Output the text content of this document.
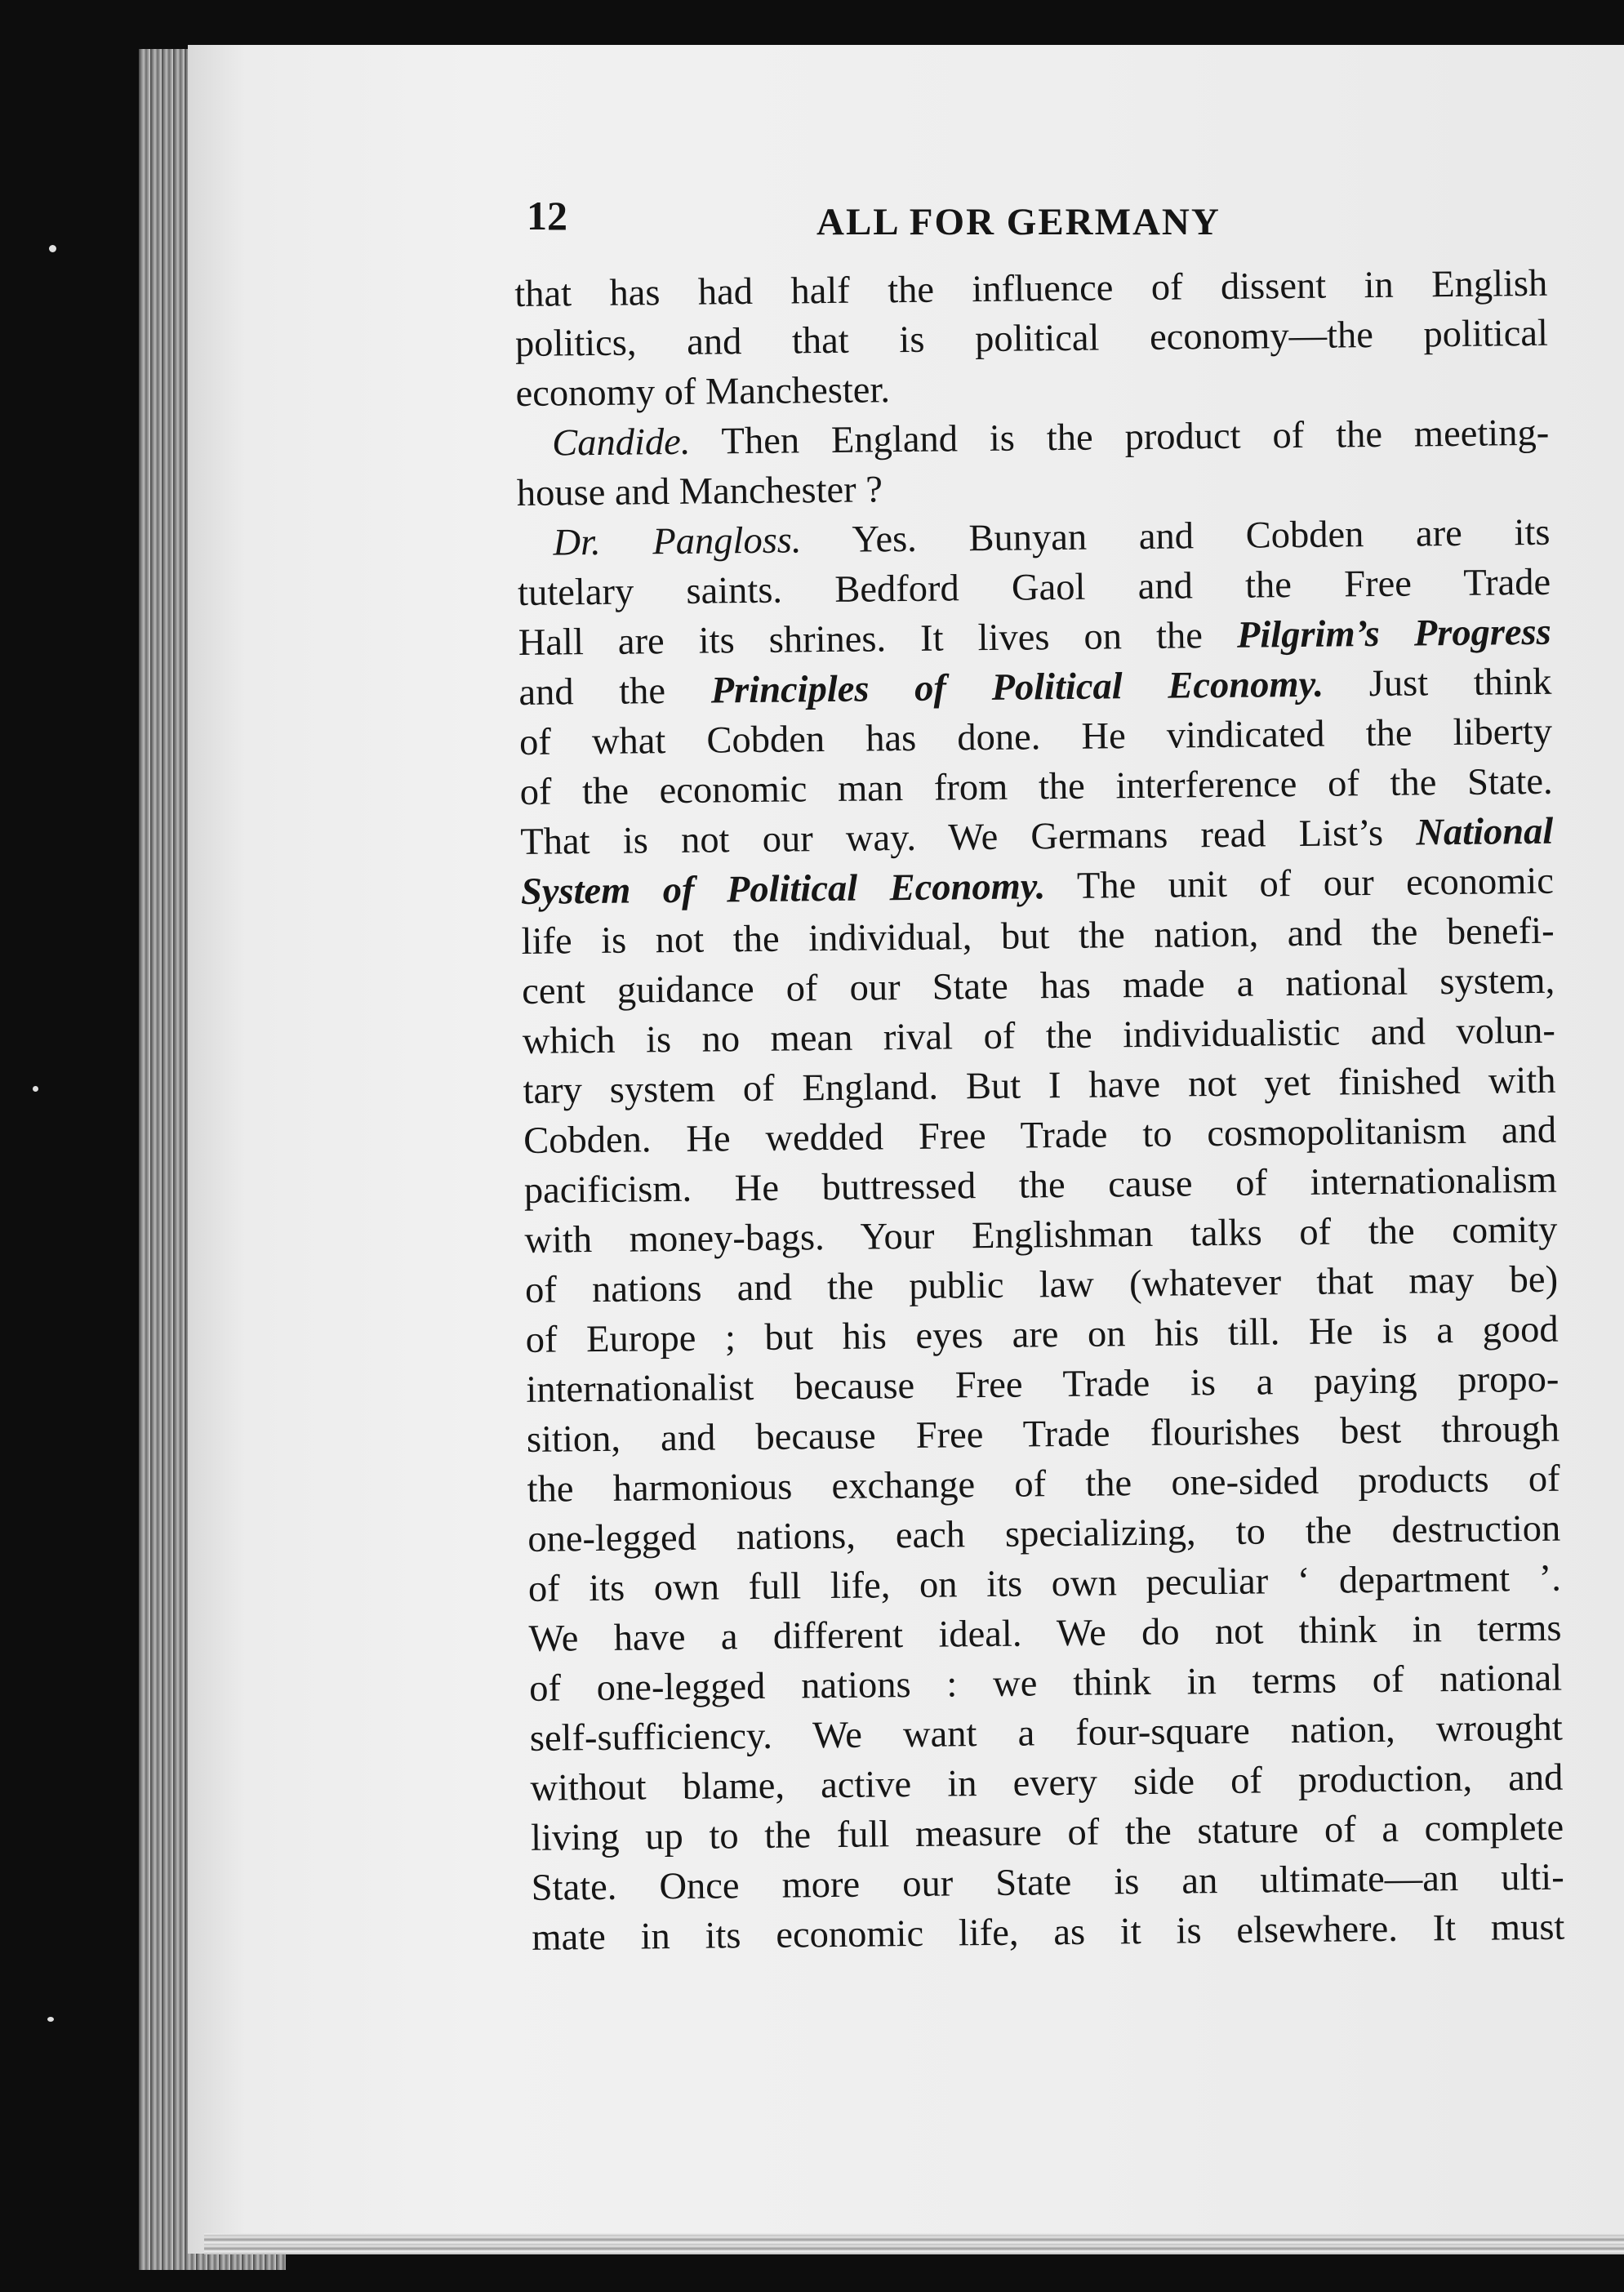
12	ALL FOR GERMANY
that has had half the influence of dissent in English
politics, and that is political economy—the political
economy of Manchester.
Candide. Then England is the product of the meeting-
house and Manchester ?
Dr. Pangloss. Yes. Bunyan and Cobden are its
tutelary saints. Bedford Gaol and the Free Trade
Hall are its shrines. It lives on the Pilgrim’s Progress
and the Principles of Political Economy. Just think
of what Cobden has done. He vindicated the liberty
of the economic man from the interference of the State.
That is not our way. We Germans read List’s National
System of Political Economy. The unit of our economic
life is not the individual, but the nation, and the benefi-
cent guidance of our State has made a national system,
which is no mean rival of the individualistic and volun-
tary system of England. But I have not yet finished with
Cobden. He wedded Free Trade to cosmopolitanism and
pacificism. He buttressed the cause of internationalism
with money-bags. Your Englishman talks of the comity
of nations and the public law (whatever that may be)
of Europe ; but his eyes are on his till. He is a good
internationalist because Free Trade is a paying propo-
sition, and because Free Trade flourishes best through
the harmonious exchange of the one-sided products of
one-legged nations, each specializing, to the destruction
of its own full life, on its own peculiar ‘ department ’.
We have a different ideal. We do not think in terms
of one-legged nations : we think in terms of national
self-sufficiency. We want a four-square nation, wrought
without blame, active in every side of production, and
living up to the full measure of the stature of a complete
State. Once more our State is an ultimate—an ulti-
mate in its economic life, as it is elsewhere. It must
